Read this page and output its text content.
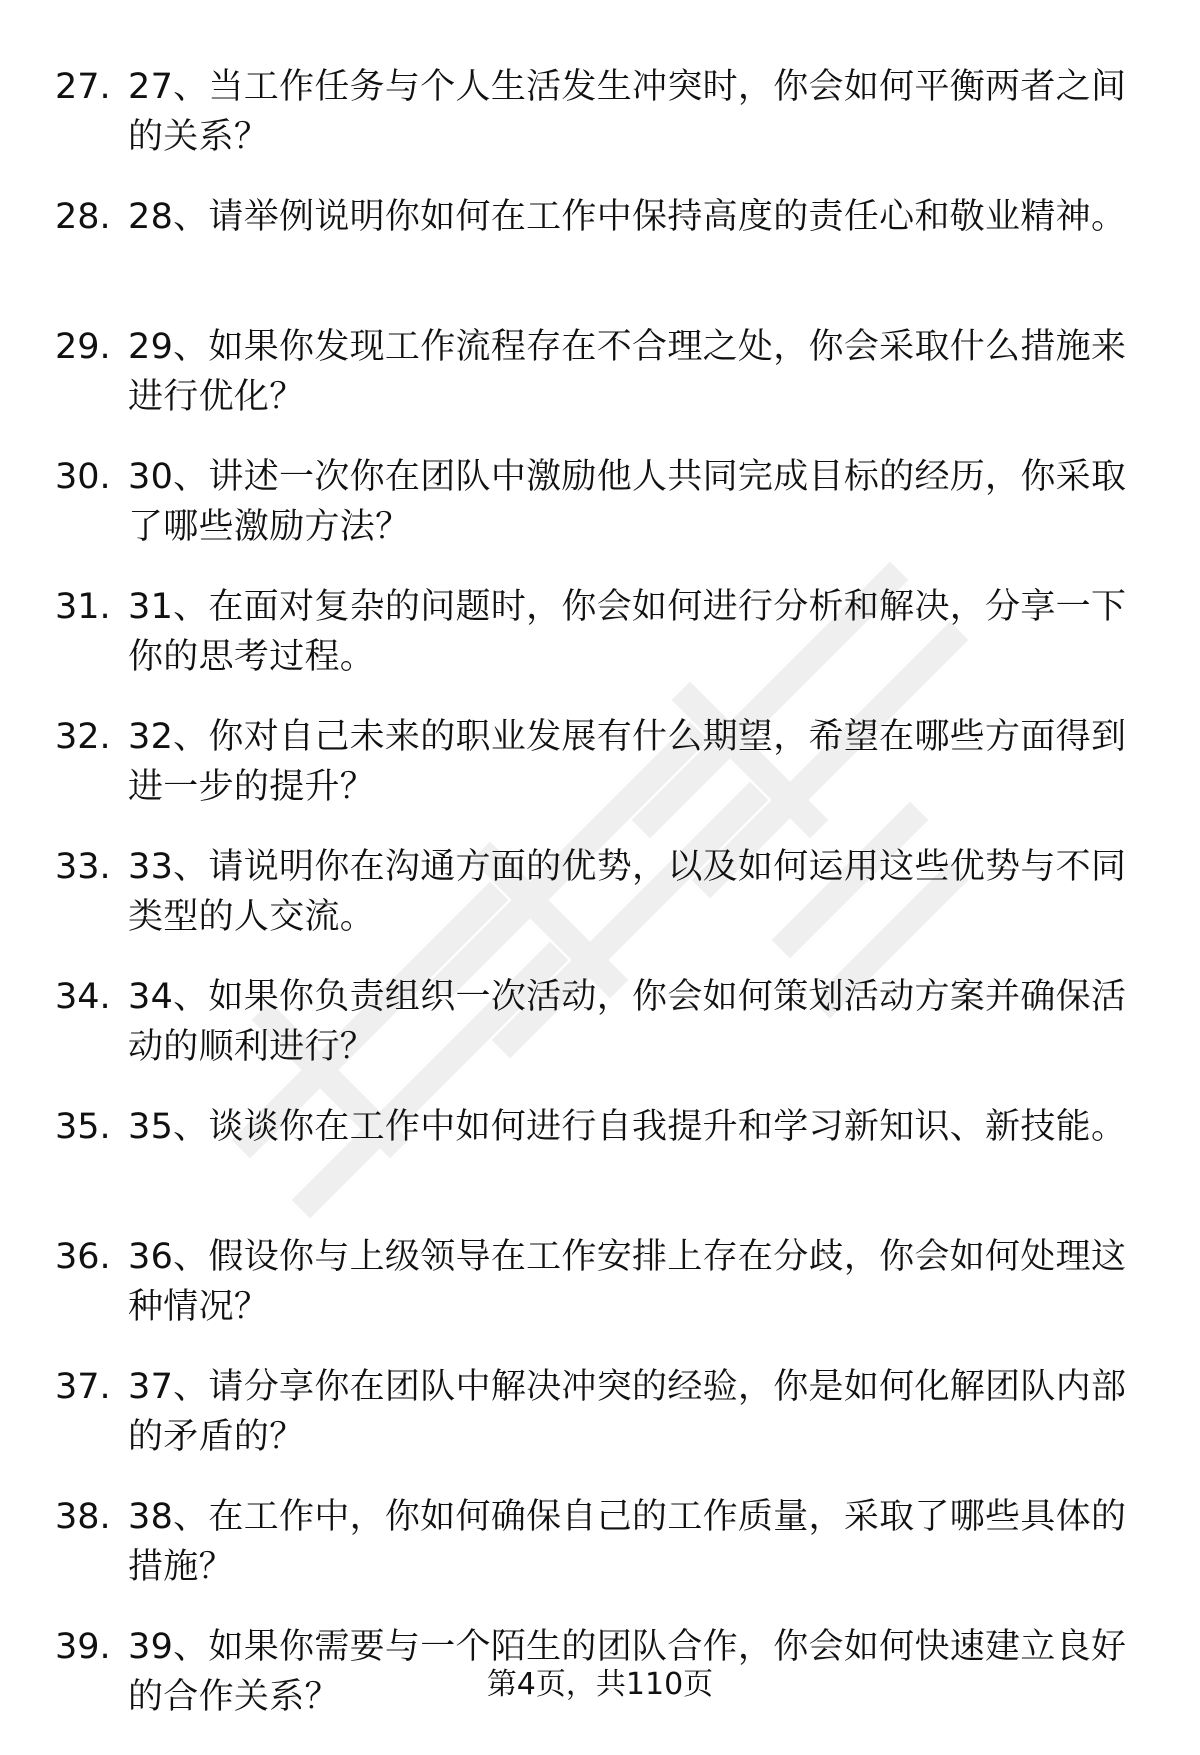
27. 27、当工作任务与个人生活发生冲突时，你会如何平衡两者之间的关系？
28. 28、请举例说明你如何在工作中保持高度的责任心和敬业精神。
29. 29、如果你发现工作流程存在不合理之处，你会采取什么措施来进行优化？
30. 30、讲述一次你在团队中激励他人共同完成目标的经历，你采取了哪些激励方法？
31. 31、在面对复杂的问题时，你会如何进行分析和解决，分享一下你的思考过程。
32. 32、你对自己未来的职业发展有什么期望，希望在哪些方面得到进一步的提升？
33. 33、请说明你在沟通方面的优势，以及如何运用这些优势与不同类型的人交流。
34. 34、如果你负责组织一次活动，你会如何策划活动方案并确保活动的顺利进行？
35. 35、谈谈你在工作中如何进行自我提升和学习新知识、新技能。
36. 36、假设你与上级领导在工作安排上存在分歧，你会如何处理这种情况？
37. 37、请分享你在团队中解决冲突的经验，你是如何化解团队内部的矛盾的？
38. 38、在工作中，你如何确保自己的工作质量，采取了哪些具体的措施？
39. 39、如果你需要与一个陌生的团队合作，你会如何快速建立良好的合作关系？	第4页，共110页
